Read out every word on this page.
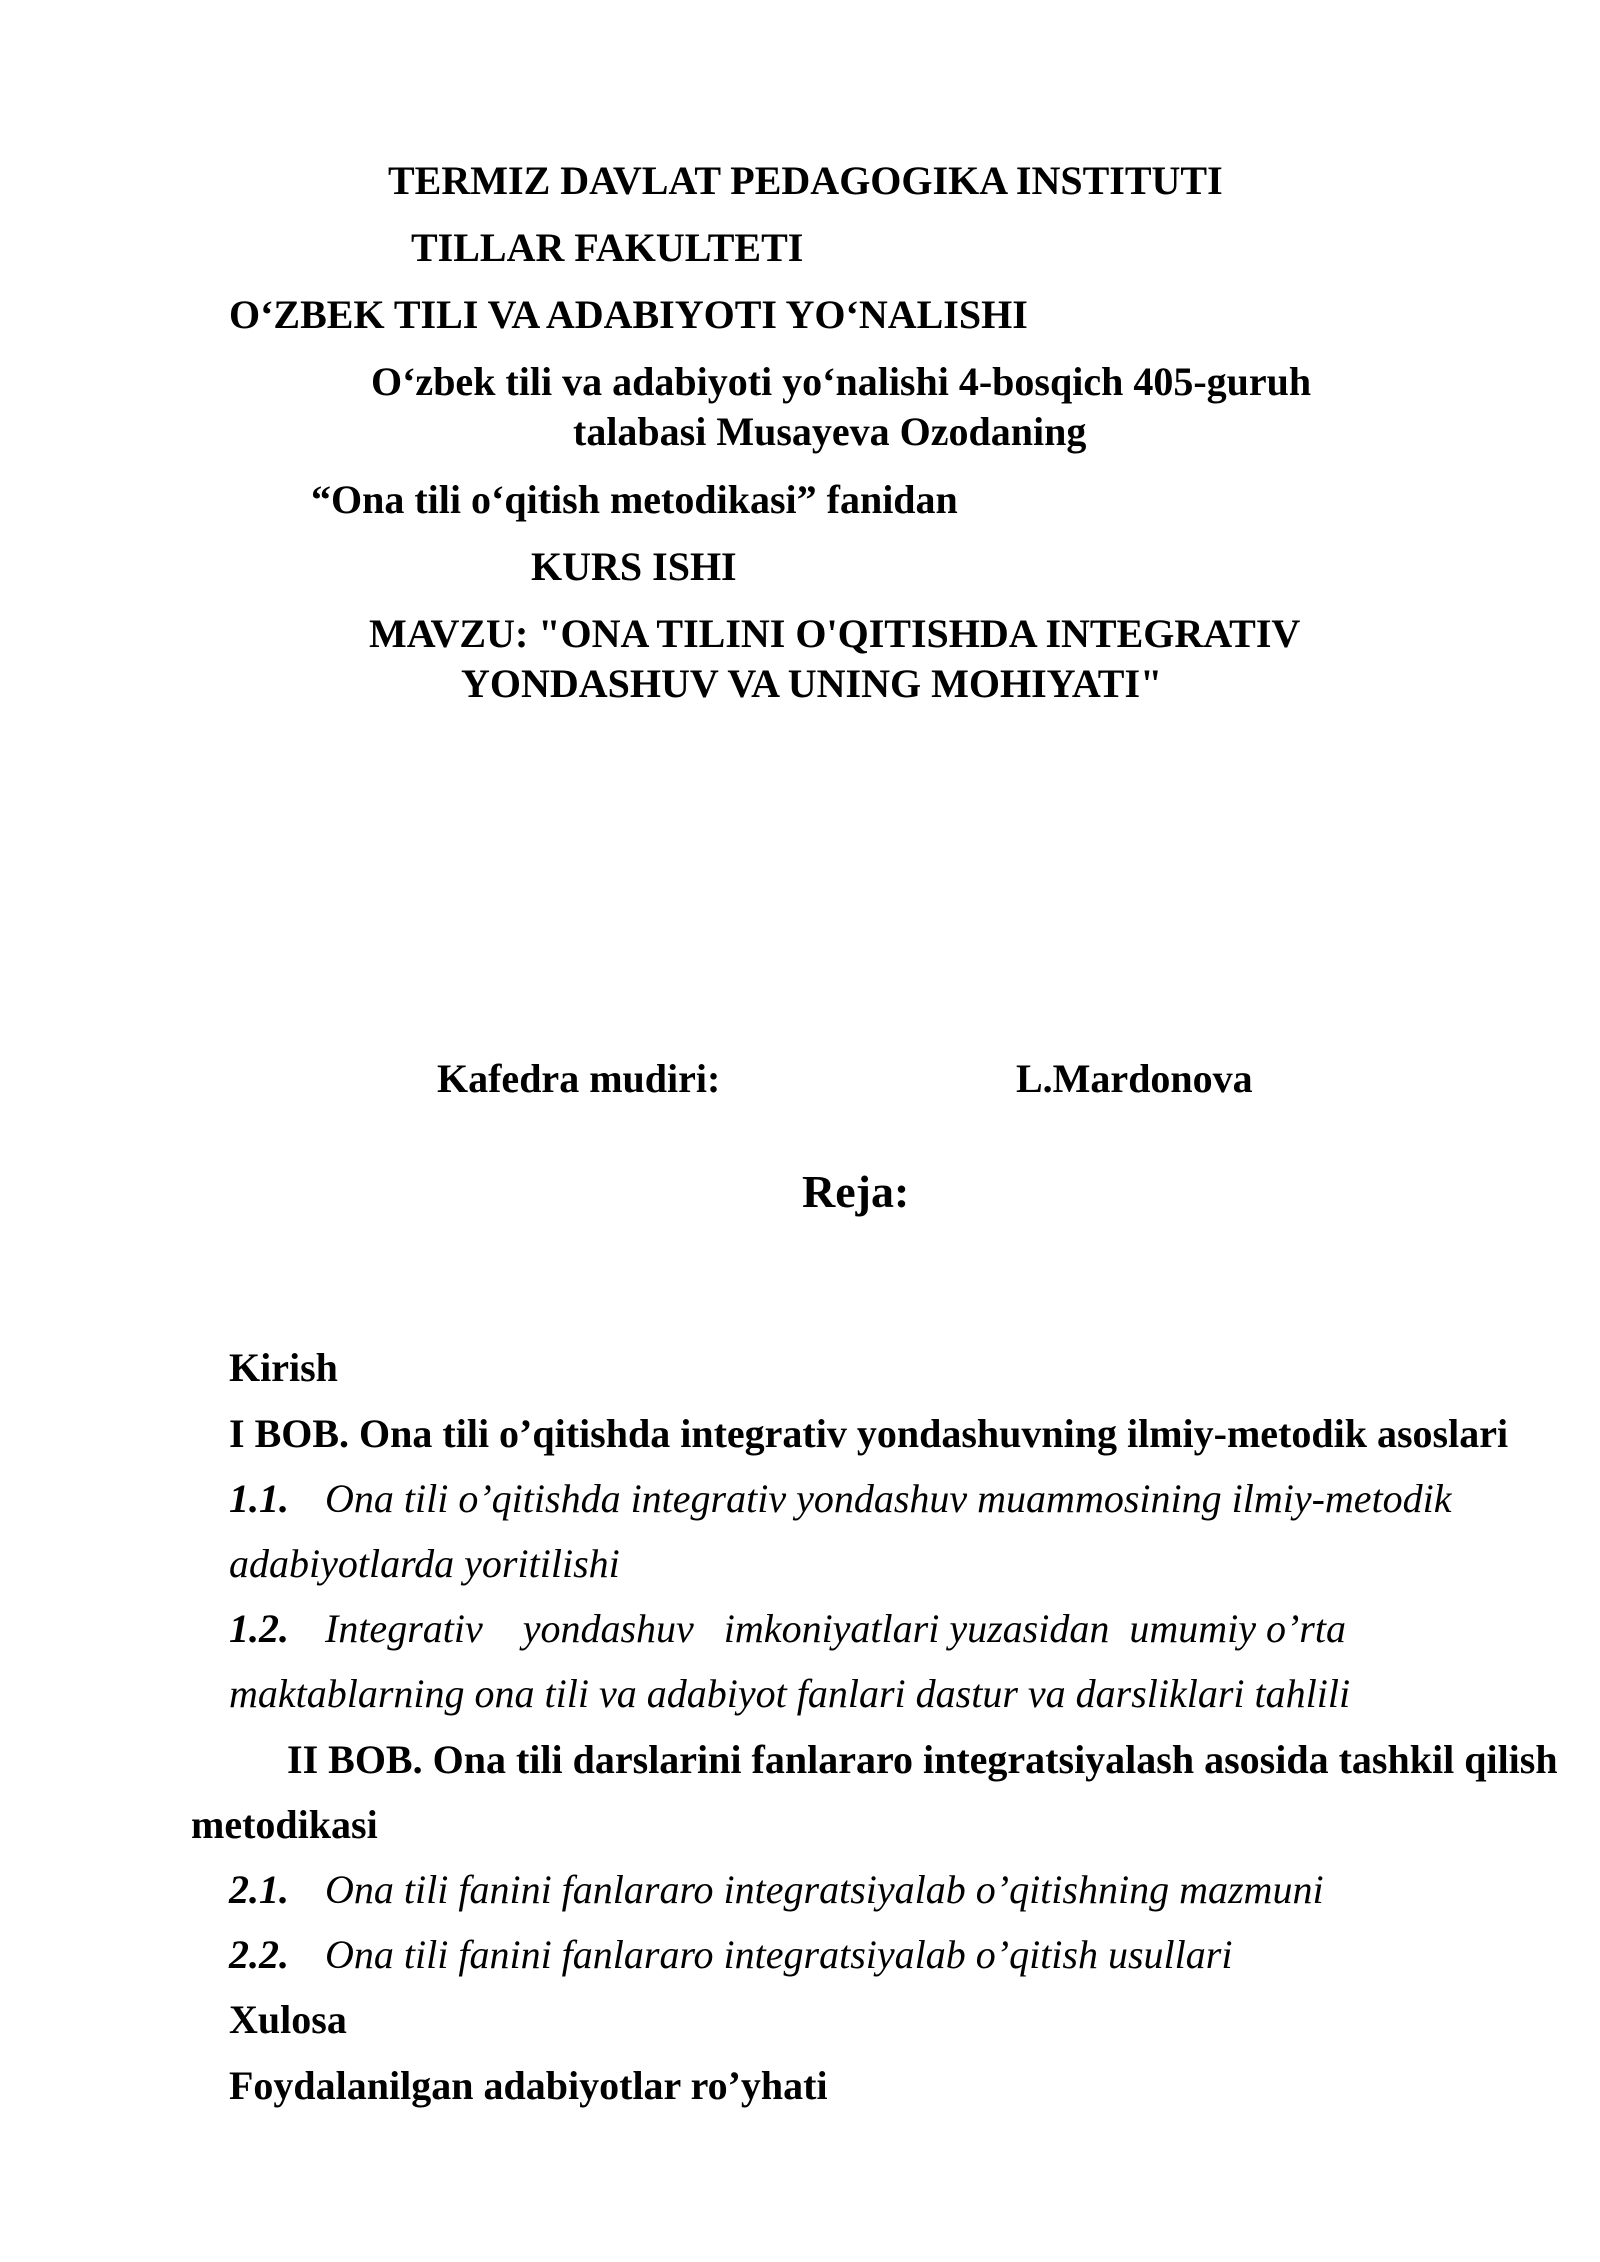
TERMIZ DAVLAT PEDAGOGIKA INSTITUTI

TILLAR FAKULTETI

O‘ZBEK TILI VA ADABIYOTI YO‘NALISHI

O‘zbek tili va adabiyoti yo‘nalishi 4-bosqich 405-guruh

talabasi Musayeva Ozodaning

“Ona tili o‘qitish metodikasi” fanidan

KURS ISHI

MAVZU: "ONA TILINI O'QITISHDA INTEGRATIV

YONDASHUV VA UNING MOHIYATI"

Kafedra mudiri:	L.Mardonova

Reja:

Kirish

I BOB. Ona tili o’qitishda integrativ yondashuvning ilmiy-metodik asoslari

1.1. Ona tili o’qitishda integrativ yondashuv muammosining ilmiy-metodik

adabiyotlarda yoritilishi

1.2. Integrativ    yondashuv   imkoniyatlari yuzasidan  umumiy o’rta

maktablarning ona tili va adabiyot fanlari dastur va darsliklari tahlili

II BOB. Ona tili darslarini fanlararo integratsiyalash asosida tashkil qilish

metodikasi

2.1. Ona tili fanini fanlararo integratsiyalab o’qitishning mazmuni

2.2. Ona tili fanini fanlararo integratsiyalab o’qitish usullari

Xulosa

Foydalanilgan adabiyotlar ro’yhati
